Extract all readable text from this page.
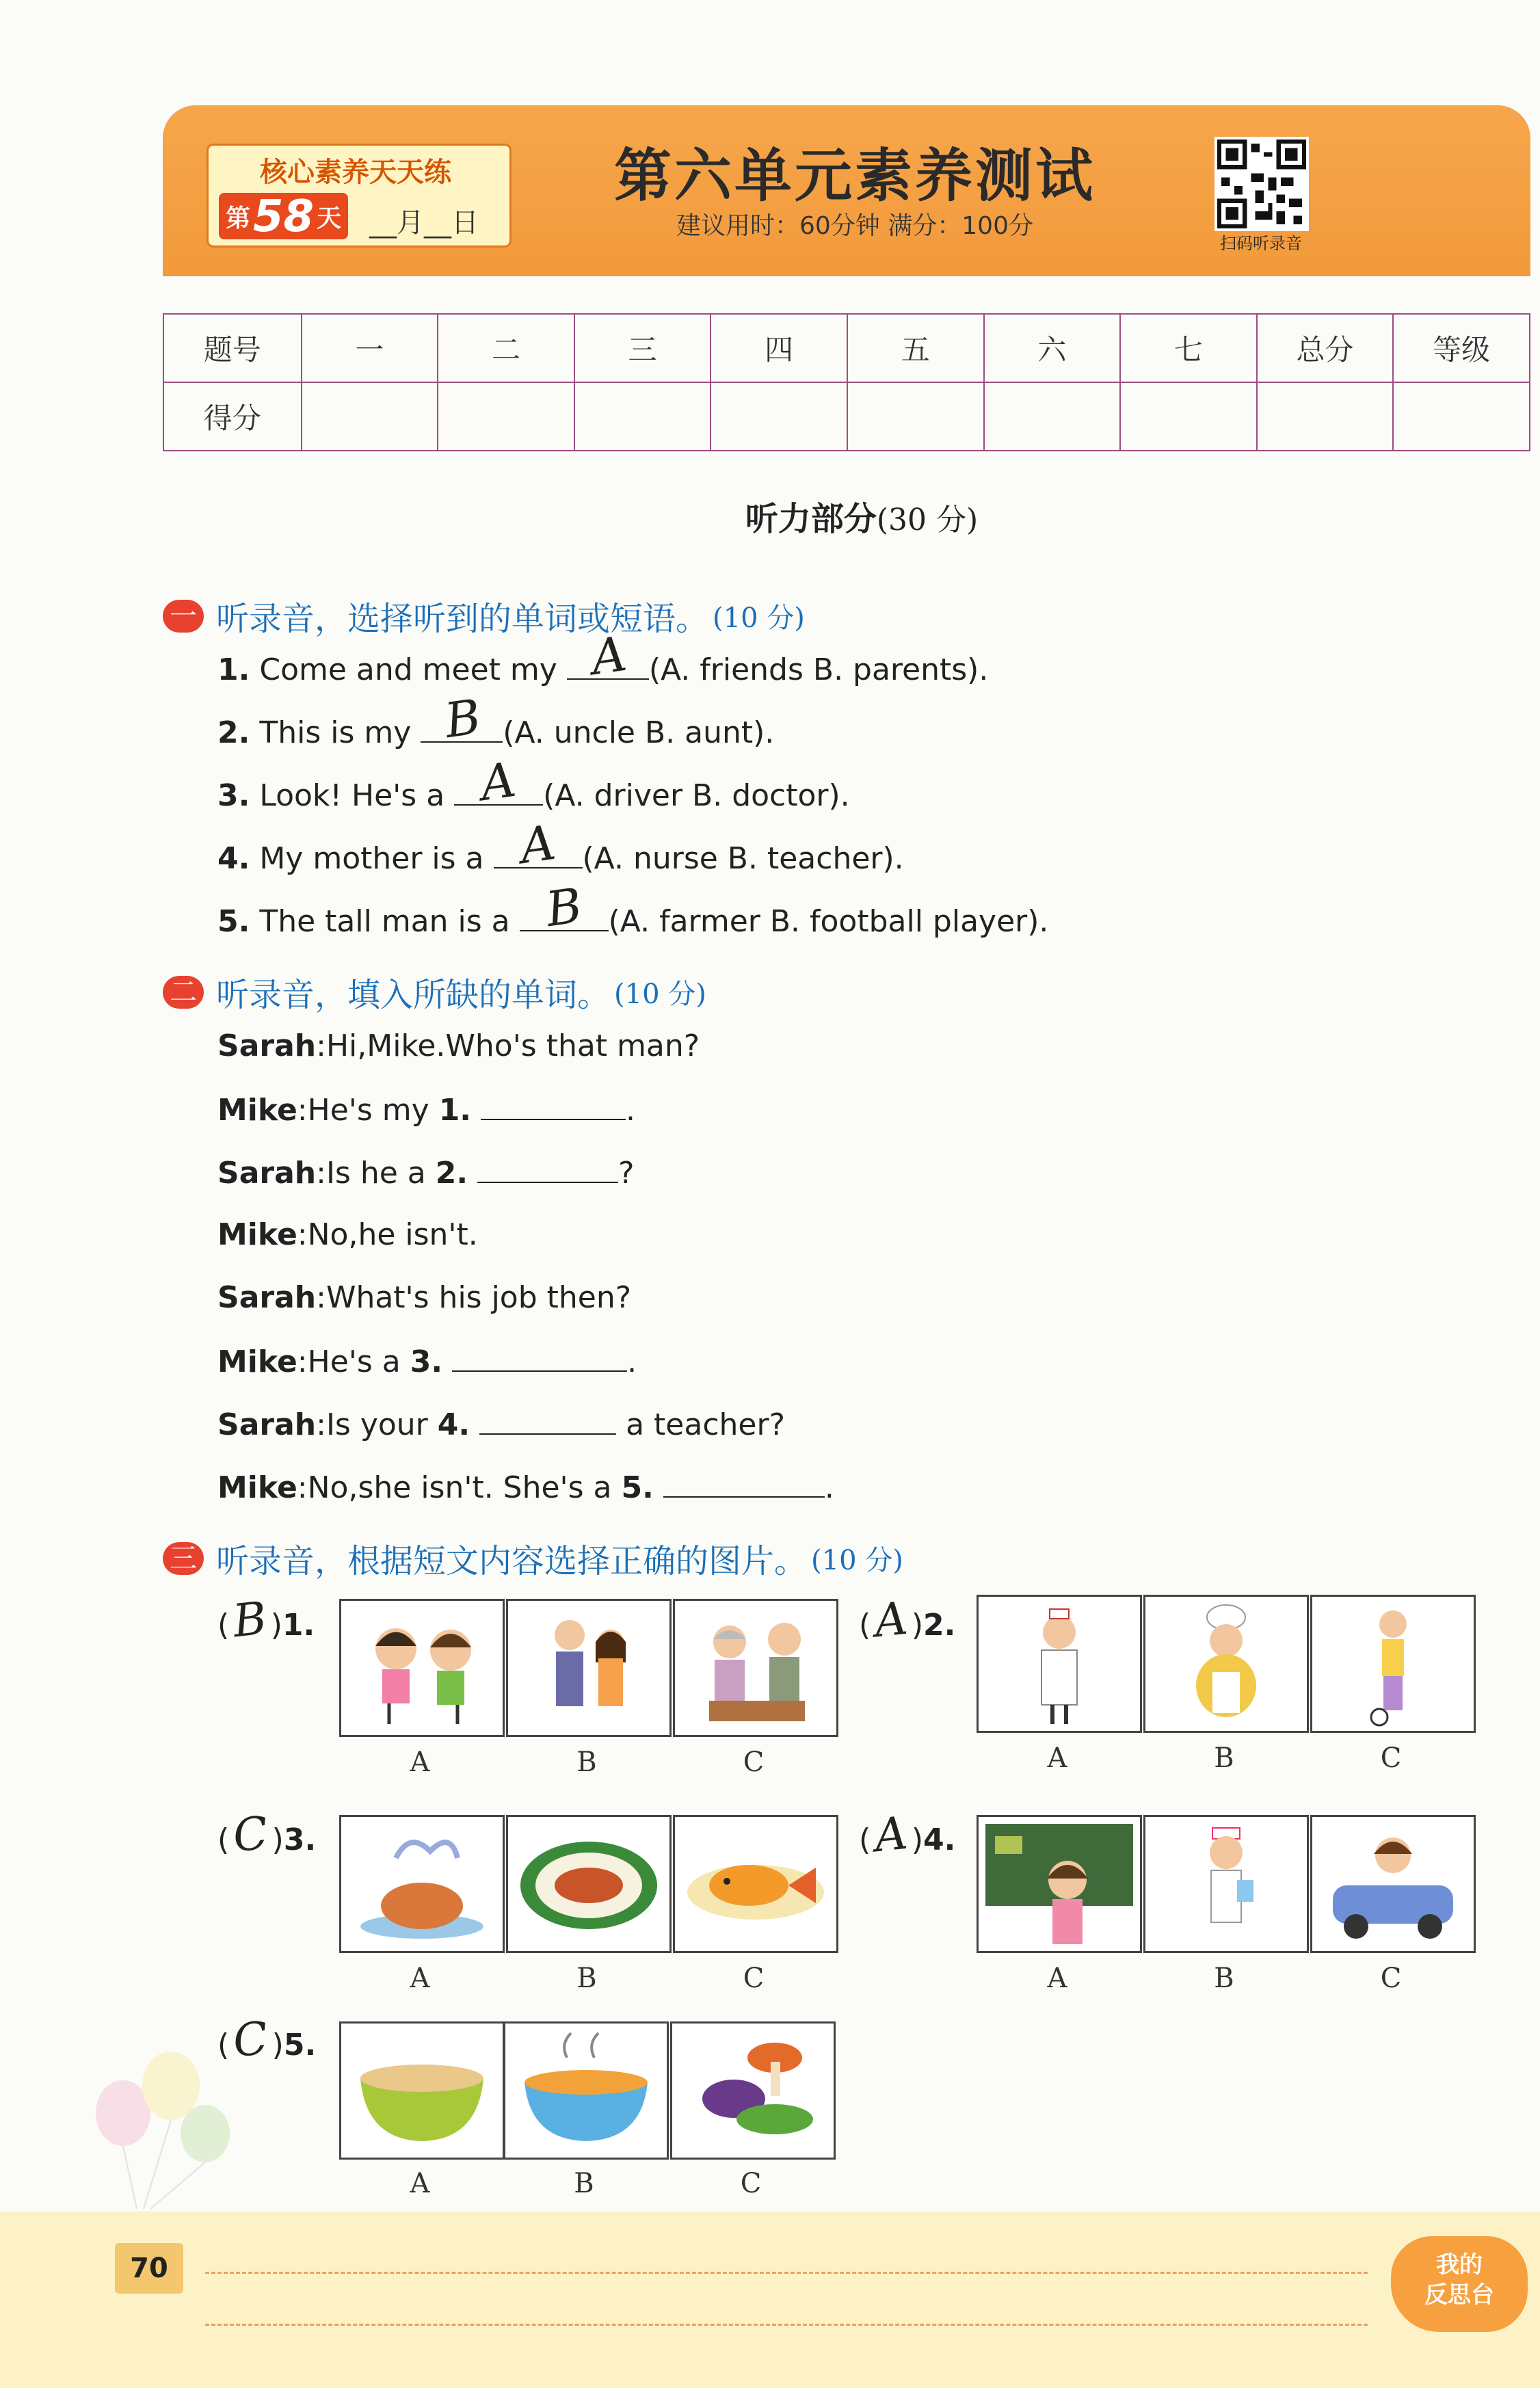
核心素养天天练
第 58 天 __月__日
第六单元素养测试
建议用时：60分钟 满分：100分
扫码听录音
题号	一	二	三	四	五	六	七	总分	等级
得分									
听力部分(30 分)
一 听录音，选择听到的单词或短语。 (10 分)
1. Come and meet my A (A. friends B. parents).
2. This is my B (A. uncle B. aunt).
3. Look! He's a A (A. driver B. doctor).
4. My mother is a A (A. nurse B. teacher).
5. The tall man is a B (A. farmer B. football player).
二 听录音，填入所缺的单词。 (10 分)
Sarah:Hi,Mike.Who's that man?
Mike:He's my 1.	.
Sarah:Is he a 2.	?
Mike:No,he isn't.
Sarah:What's his job then?
Mike:He's a 3.	.
Sarah:Is your 4.	a teacher?
Mike:No,she isn't. She's a 5.	.
三 听录音，根据短文内容选择正确的图片。 (10 分)
(B)1.
A	B	C
(A)2.
A	B	C
(C)3.
A	B	C
(A)4.
A	B	C
(C)5.
A	B	C
70	我的
反思台
